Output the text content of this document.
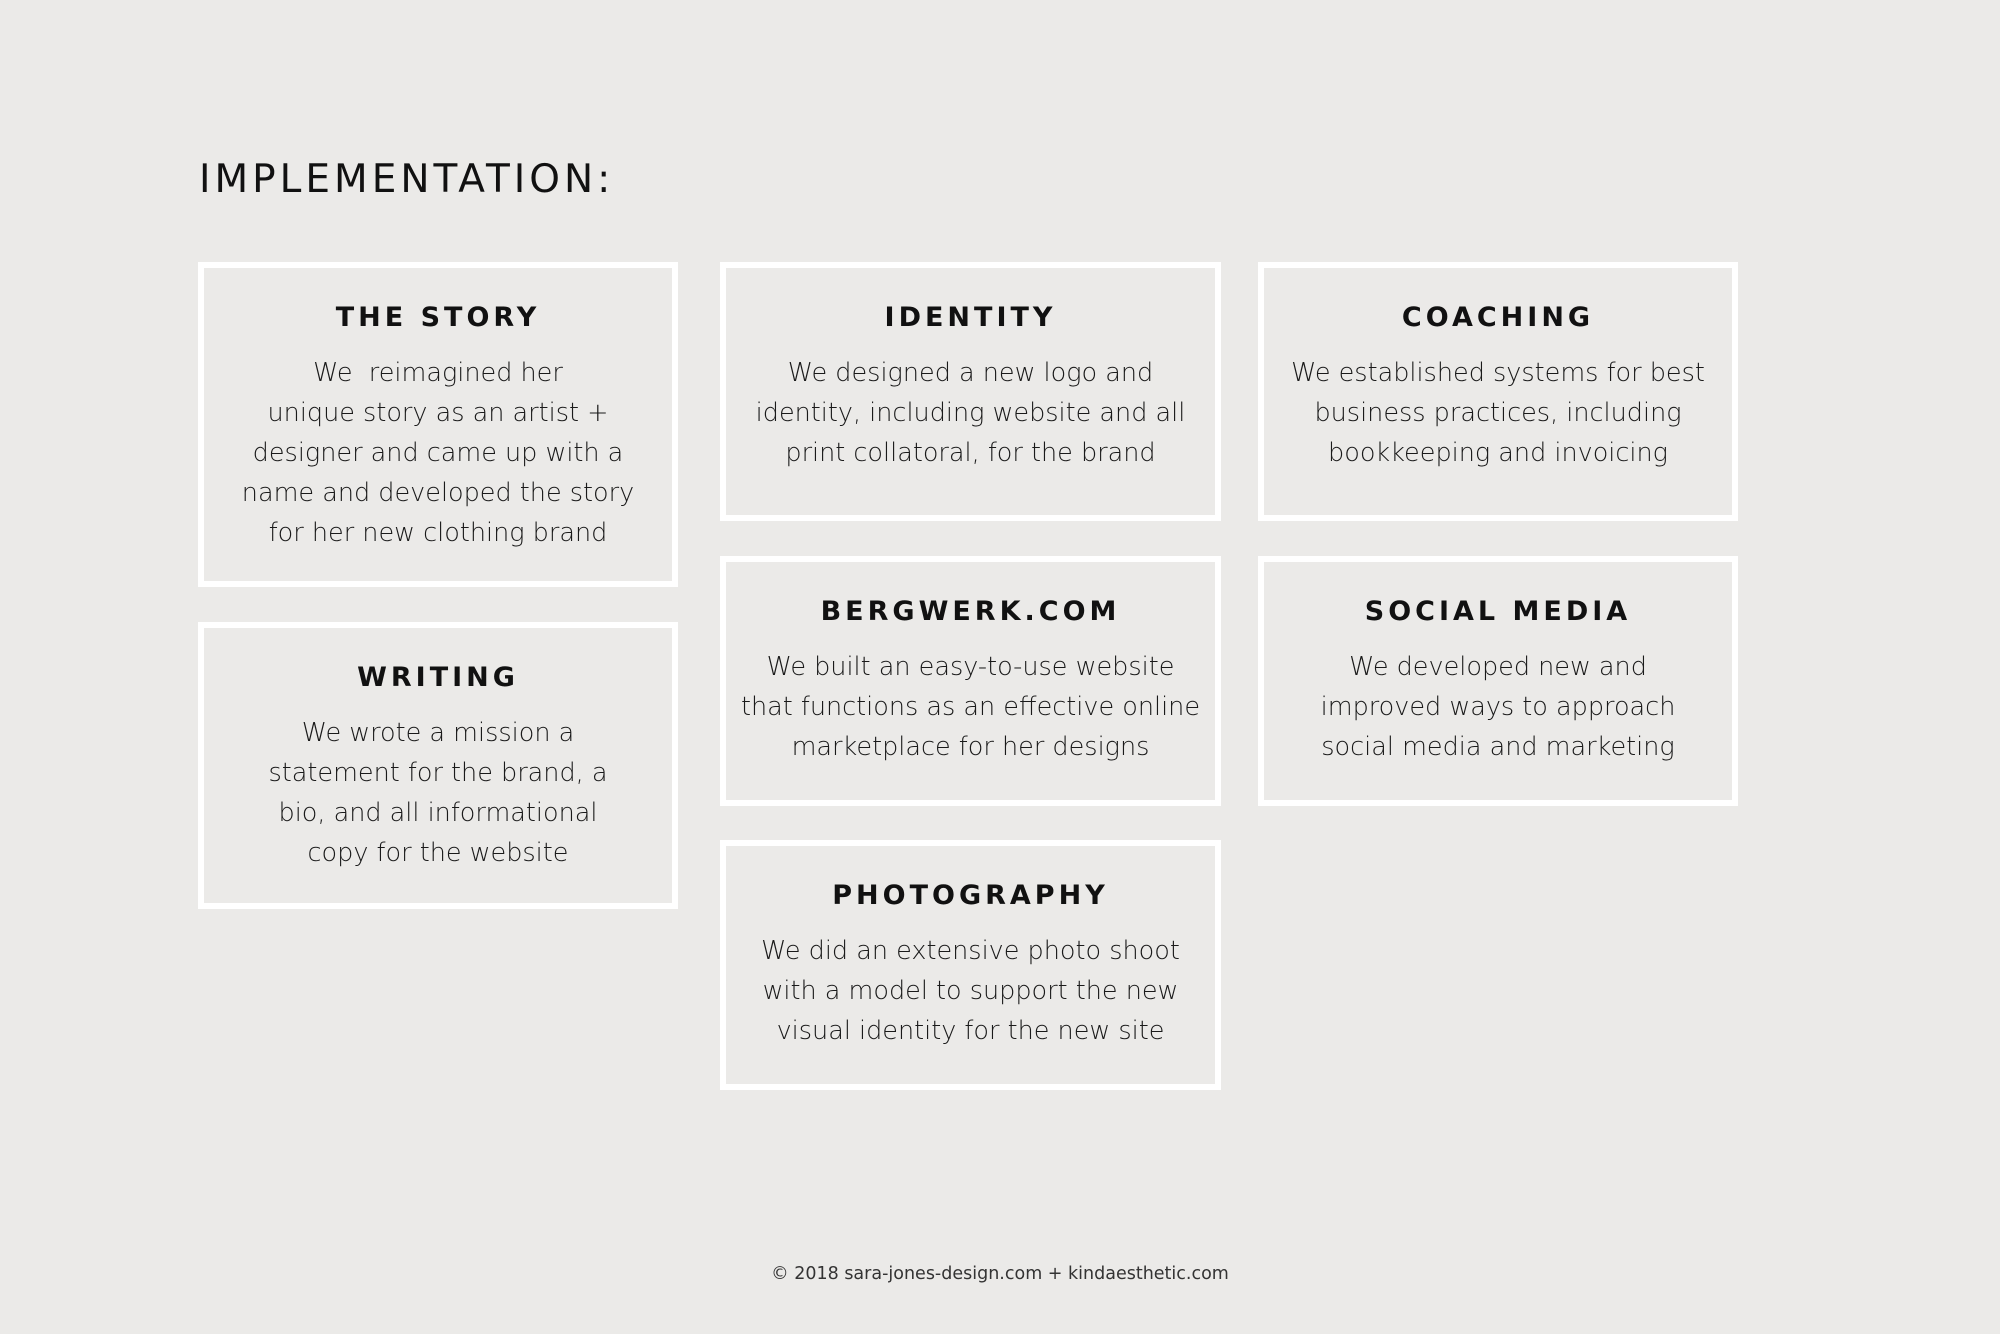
IMPLEMENTATION:
THE STORY
We  reimagined her
unique story as an artist +
designer and came up with a
name and developed the story
for her new clothing brand
IDENTITY
We designed a new logo and
identity, including website and all
print collatoral, for the brand
COACHING
We established systems for best
business practices, including
bookkeeping and invoicing
WRITING
We wrote a mission a
statement for the brand, a
bio, and all informational
copy for the website
BERGWERK.COM
We built an easy-to-use website
that functions as an effective online
marketplace for her designs
SOCIAL MEDIA
We developed new and
improved ways to approach
social media and marketing
PHOTOGRAPHY
We did an extensive photo shoot
with a model to support the new
visual identity for the new site
© 2018 sara-jones-design.com + kindaesthetic.com
